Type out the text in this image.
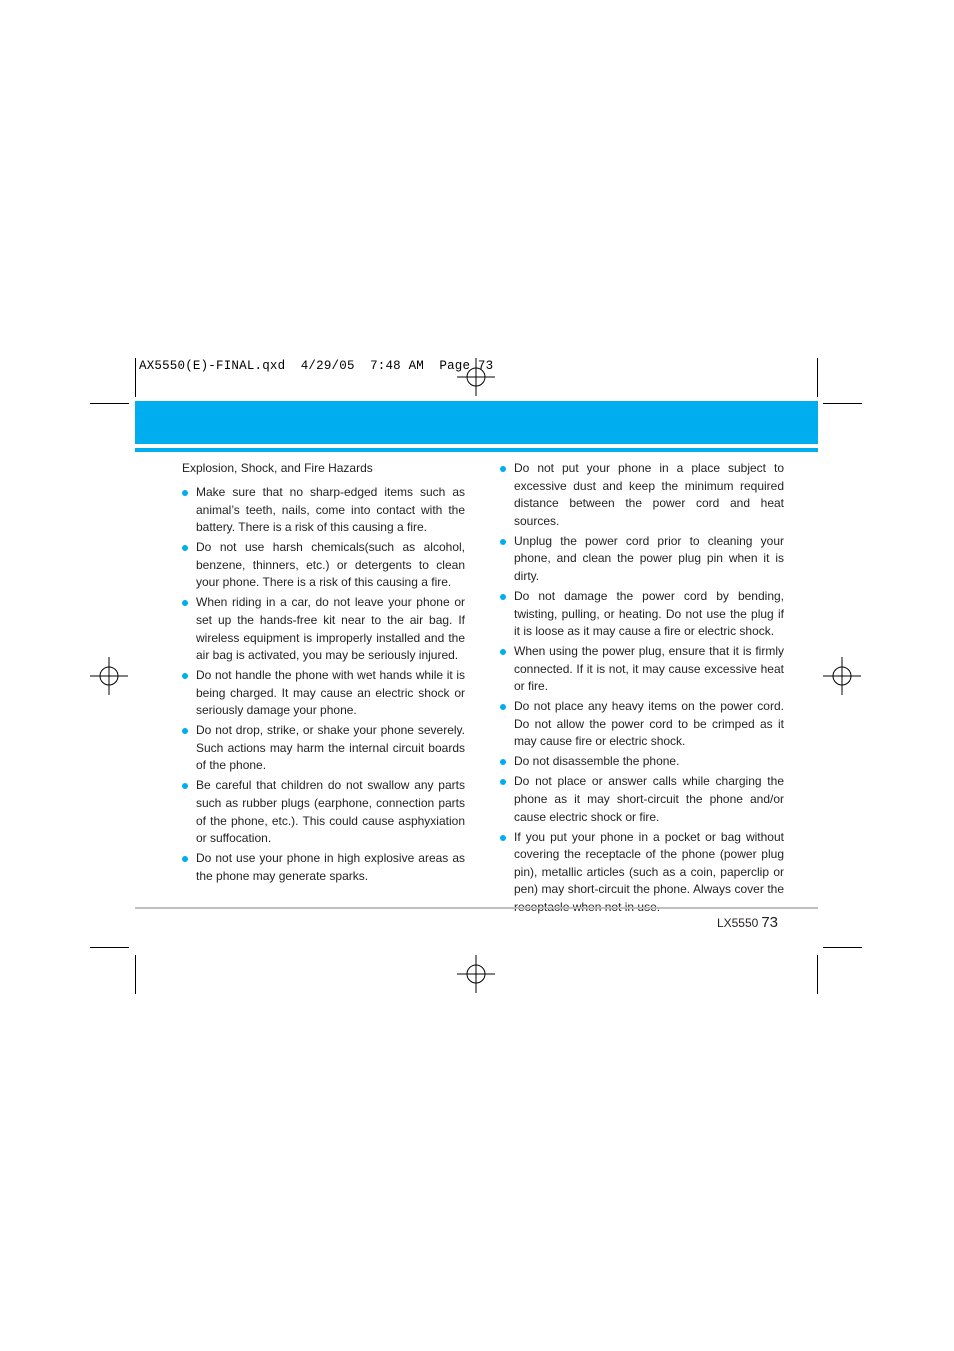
AX5550(E)-FINAL.qxd 4/29/05 7:48 AM Page 73
Explosion, Shock, and Fire Hazards
Make sure that no sharp-edged items such as animal’s teeth, nails, come into contact with the battery. There is a risk of this causing a fire.
Do not use harsh chemicals(such as alcohol, benzene, thinners, etc.) or detergents to clean your phone. There is a risk of this causing a fire.
When riding in a car, do not leave your phone or set up the hands-free kit near to the air bag. If wireless equipment is improperly installed and the air bag is activated, you may be seriously injured.
Do not handle the phone with wet hands while it is being charged. It may cause an electric shock or seriously damage your phone.
Do not drop, strike, or shake your phone severely. Such actions may harm the internal circuit boards of the phone.
Be careful that children do not swallow any parts such as rubber plugs (earphone, connection parts of the phone, etc.). This could cause asphyxiation or suffocation.
Do not use your phone in high explosive areas as the phone may generate sparks.
Do not put your phone in a place subject to excessive dust and keep the minimum required distance between the power cord and heat sources.
Unplug the power cord prior to cleaning your phone, and clean the power plug pin when it is dirty.
Do not damage the power cord by bending, twisting, pulling, or heating. Do not use the plug if it is loose as it may cause a fire or electric shock.
When using the power plug, ensure that it is firmly connected. If it is not, it may cause excessive heat or fire.
Do not place any heavy items on the power cord. Do not allow the power cord to be crimped as it may cause fire or electric shock.
Do not disassemble the phone.
Do not place or answer calls while charging the phone as it may short-circuit the phone and/or cause electric shock or fire.
If you put your phone in a pocket or bag without covering the receptacle of the phone (power plug pin), metallic articles (such as a coin, paperclip or pen) may short-circuit the phone. Always cover the
LX5550 73
